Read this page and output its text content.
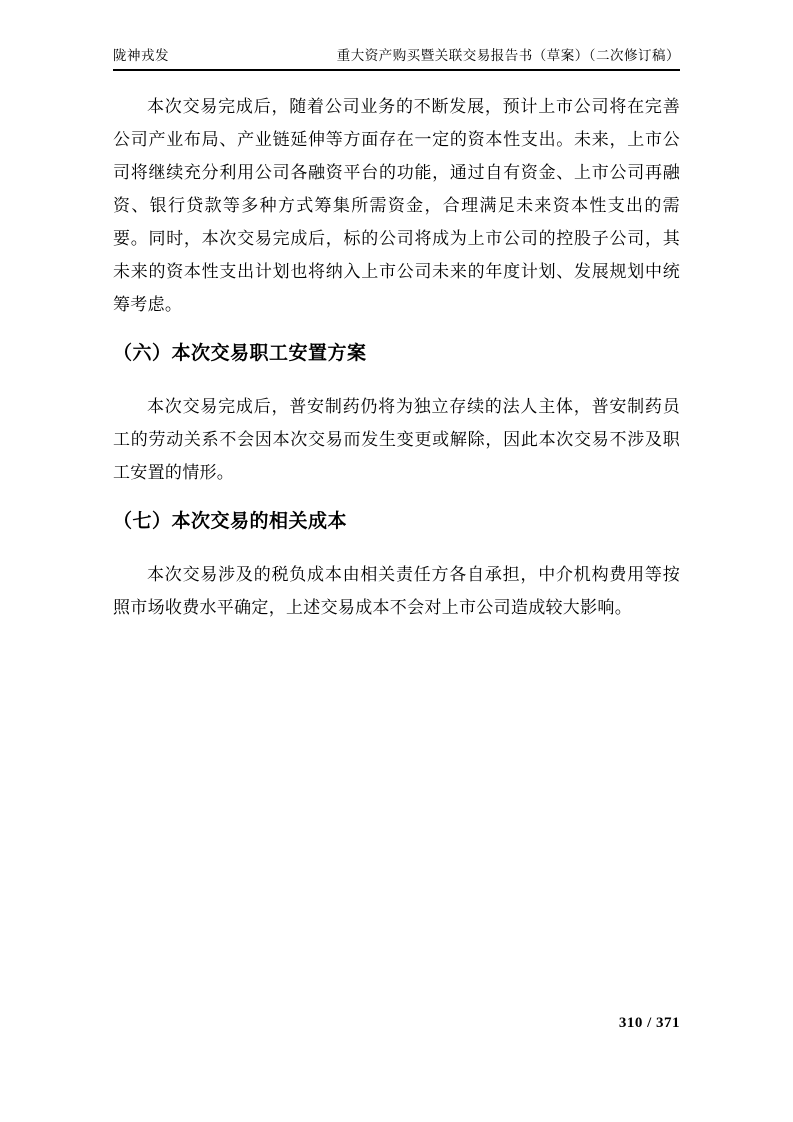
陇神戎发	重大资产购买暨关联交易报告书（草案）（二次修订稿）

本次交易完成后，随着公司业务的不断发展，预计上市公司将在完善公司产业布局、产业链延伸等方面存在一定的资本性支出。未来，上市公司将继续充分利用公司各融资平台的功能，通过自有资金、上市公司再融资、银行贷款等多种方式筹集所需资金，合理满足未来资本性支出的需要。同时，本次交易完成后，标的公司将成为上市公司的控股子公司，其未来的资本性支出计划也将纳入上市公司未来的年度计划、发展规划中统筹考虑。

（六）本次交易职工安置方案

本次交易完成后，普安制药仍将为独立存续的法人主体，普安制药员工的劳动关系不会因本次交易而发生变更或解除，因此本次交易不涉及职工安置的情形。

（七）本次交易的相关成本

本次交易涉及的税负成本由相关责任方各自承担，中介机构费用等按照市场收费水平确定，上述交易成本不会对上市公司造成较大影响。

310 / 371
